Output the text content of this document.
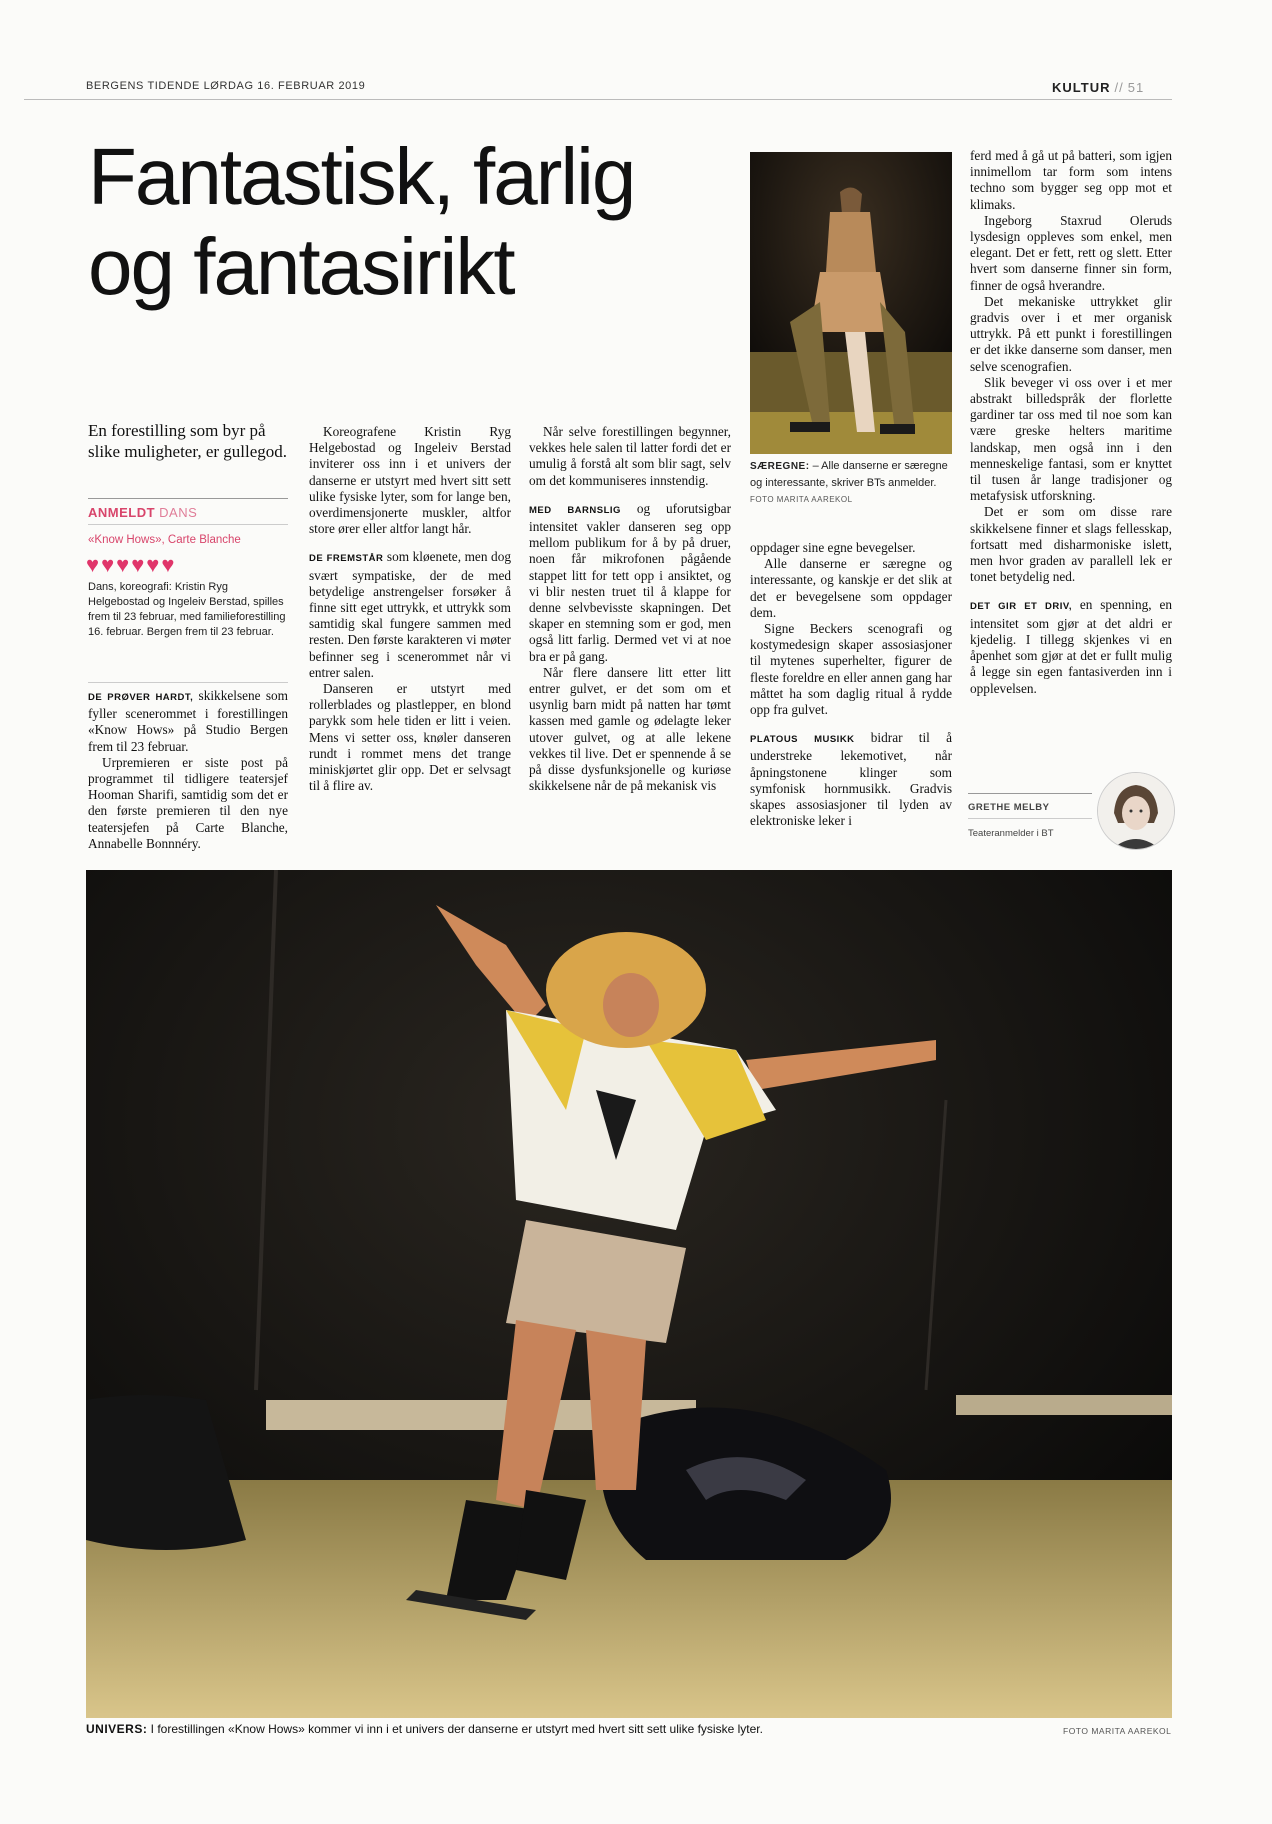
BERGENS TIDENDE LØRDAG 16. FEBRUAR 2019	KULTUR // 51
Fantastisk, farlig
og fantasirikt
En forestilling som byr på slike muligheter, er gullegod.
ANMELDT DANS
«Know Hows», Carte Blanche
♥♥♥♥♥♥
Dans, koreografi: Kristin Ryg Helgebostad og Ingeleiv Berstad, spilles frem til 23 februar, med familieforestilling 16. februar. Bergen frem til 23 februar.

DE PRØVER HARDT, skikkelsene som fyller scenerommet i forestillingen «Know Hows» på Studio Bergen frem til 23 februar.

Urpremieren er siste post på programmet til tidligere teatersjef Hooman Sharifi, samtidig som det er den første premieren til den nye teatersjefen på Carte Blanche, Annabelle Bonnnéry.

Koreografene Kristin Ryg Helgebostad og Ingeleiv Berstad inviterer oss inn i et univers der danserne er utstyrt med hvert sitt sett ulike fysiske lyter, som for lange ben, overdimensjonerte muskler, altfor store ører eller altfor langt hår.

DE FREMSTÅR som kløenete, men dog svært sympatiske, der de med betydelige anstrengelser forsøker å finne sitt eget uttrykk, et uttrykk som samtidig skal fungere sammen med resten. Den første karakteren vi møter befinner seg i scenerommet når vi entrer salen.

Danseren er utstyrt med rollerblades og plastlepper, en blond parykk som hele tiden er litt i veien. Mens vi setter oss, knøler danseren rundt i rommet mens det trange miniskjørtet glir opp. Det er selvsagt til å flire av.

Når selve forestillingen begynner, vekkes hele salen til latter fordi det er umulig å forstå alt som blir sagt, selv om det kommuniseres innstendig.

MED BARNSLIG og uforutsigbar intensitet vakler danseren seg opp mellom publikum for å by på druer, noen får mikrofonen pågående stappet litt for tett opp i ansiktet, og vi blir nesten truet til å klappe for denne selvbevisste skapningen. Det skaper en stemning som er god, men også litt farlig. Dermed vet vi at noe bra er på gang.

Når flere dansere litt etter litt entrer gulvet, er det som om et usynlig barn midt på natten har tømt kassen med gamle og ødelagte leker utover gulvet, og at alle lekene vekkes til live. Det er spennende å se på disse dysfunksjonelle og kuriøse skikkelsene når de på mekanisk vis

SÆREGNE: – Alle danserne er særegne og interessante, skriver BTs anmelder. FOTO MARITA AAREKOL

oppdager sine egne bevegelser.

Alle danserne er særegne og interessante, og kanskje er det slik at det er bevegelsene som oppdager dem.

Signe Beckers scenografi og kostymedesign skaper assosiasjoner til mytenes superhelter, figurer de fleste foreldre en eller annen gang har måttet ha som daglig ritual å rydde opp fra gulvet.

PLATOUS MUSIKK bidrar til å understreke lekemotivet, når åpningstonene klinger som symfonisk hornmusikk. Gradvis skapes assosiasjoner til lyden av elektroniske leker i

ferd med å gå ut på batteri, som igjen innimellom tar form som intens techno som bygger seg opp mot et klimaks.

Ingeborg Staxrud Oleruds lysdesign oppleves som enkel, men elegant. Det er fett, rett og slett. Etter hvert som danserne finner sin form, finner de også hverandre.

Det mekaniske uttrykket glir gradvis over i et mer organisk uttrykk. På ett punkt i forestillingen er det ikke danserne som danser, men selve scenografien.

Slik beveger vi oss over i et mer abstrakt billedspråk der florlette gardiner tar oss med til noe som kan være greske helters maritime landskap, men også inn i den menneskelige fantasi, som er knyttet til tusen år lange tradisjoner og metafysisk utforskning.

Det er som om disse rare skikkelsene finner et slags fellesskap, fortsatt med disharmoniske islett, men hvor graden av parallell lek er tonet betydelig ned.

DET GIR ET DRIV, en spenning, en intensitet som gjør at det aldri er kjedelig. I tillegg skjenkes vi en åpenhet som gjør at det er fullt mulig å legge sin egen fantasiverden inn i opplevelsen.

GRETHE MELBY
Teateranmelder i BT
UNIVERS: I forestillingen «Know Hows» kommer vi inn i et univers der danserne er utstyrt med hvert sitt sett ulike fysiske lyter.	FOTO MARITA AAREKOL
